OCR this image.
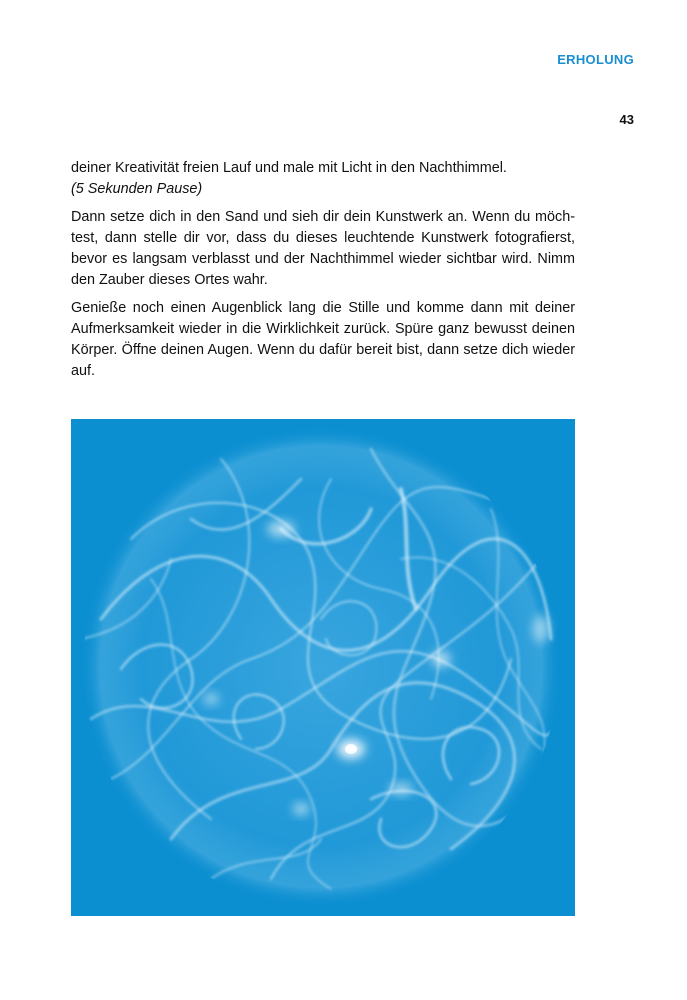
ERHOLUNG
43

deiner Kreativität freien Lauf und male mit Licht in den Nachthimmel.
(5 Sekunden Pause)

Dann setze dich in den Sand und sieh dir dein Kunstwerk an. Wenn du möchtest, dann stelle dir vor, dass du dieses leuchtende Kunstwerk fotografierst, bevor es langsam verblasst und der Nachthimmel wieder sichtbar wird. Nimm den Zauber dieses Ortes wahr.

Genieße noch einen Augenblick lang die Stille und komme dann mit deiner Aufmerksamkeit wieder in die Wirklichkeit zurück. Spüre ganz bewusst deinen Körper. Öffne deinen Augen. Wenn du dafür bereit bist, dann setze dich wieder auf.
